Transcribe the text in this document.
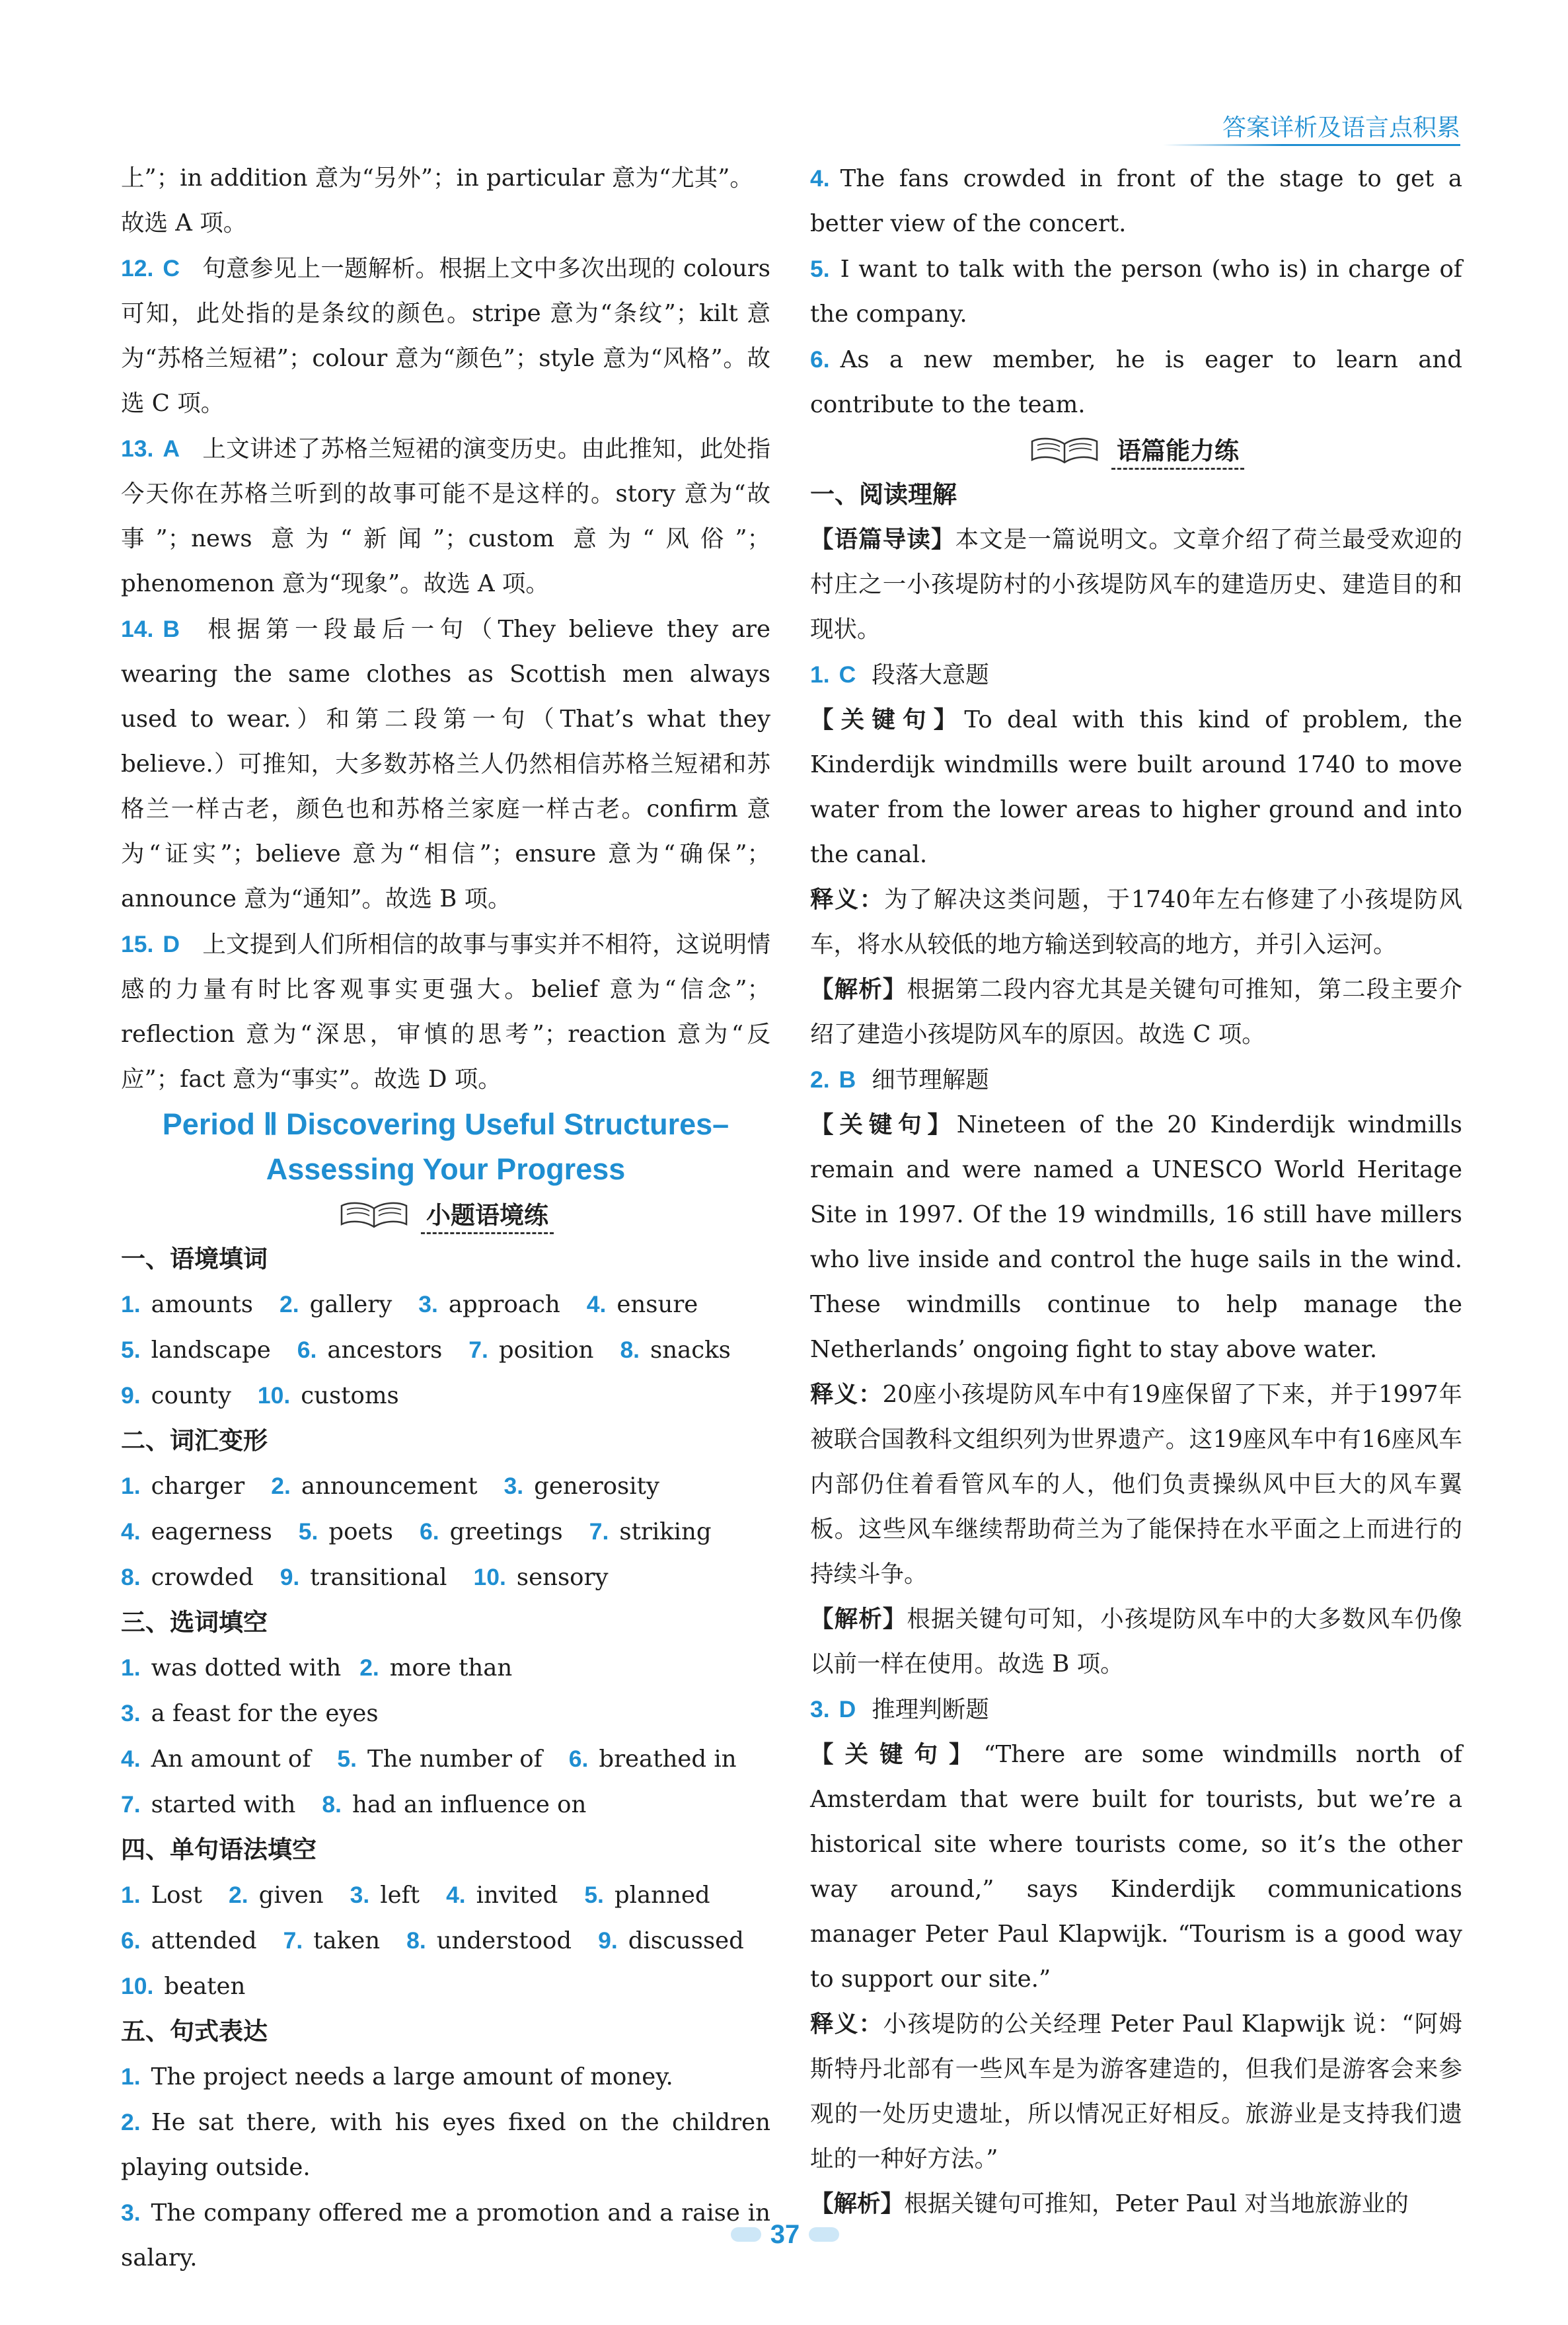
答案详析及语言点积累

上”；in addition 意为“另外”；in particular 意为“尤其”。

故选 A 项。

12. C 句意参见上一题解析。根据上文中多次出现的 colours 可知，此处指的是条纹的颜色。stripe 意为“条纹”；kilt 意为“苏格兰短裙”；colour 意为“颜色”；style 意为“风格”。故选 C 项。

13. A 上文讲述了苏格兰短裙的演变历史。由此推知，此处指今天你在苏格兰听到的故事可能不是这样的。story 意为“故事”；news 意为“新闻”；custom 意为“风俗”；phenomenon 意为“现象”。故选 A 项。

14. B 根据第一段最后一句（They believe they are wearing the same clothes as Scottish men always used to wear.）和第二段第一句（That’s what they believe.）可推知，大多数苏格兰人仍然相信苏格兰短裙和苏格兰一样古老，颜色也和苏格兰家庭一样古老。confirm 意为“证实”；believe 意为“相信”；ensure 意为“确保”；announce 意为“通知”。故选 B 项。

15. D 上文提到人们所相信的故事与事实并不相符，这说明情感的力量有时比客观事实更强大。belief 意为“信念”；reflection 意为“深思，审慎的思考”；reaction 意为“反应”；fact 意为“事实”。故选 D 项。

Period Ⅱ Discovering Useful Structures–

Assessing Your Progress

小题语境练

一、语境填词

1. amounts 2. gallery 3. approach 4. ensure
5. landscape 6. ancestors 7. position 8. snacks
9. county 10. customs

二、词汇变形

1. charger 2. announcement 3. generosity
4. eagerness 5. poets 6. greetings 7. striking
8. crowded 9. transitional 10. sensory

三、选词填空

1. was dotted with 2. more than
3. a feast for the eyes
4. An amount of 5. The number of 6. breathed in
7. started with 8. had an influence on

四、单句语法填空

1. Lost 2. given 3. left 4. invited 5. planned
6. attended 7. taken 8. understood 9. discussed
10. beaten

五、句式表达

1. The project needs a large amount of money.

2. He sat there, with his eyes fixed on the children playing outside.

3. The company offered me a promotion and a raise in salary.

4. The fans crowded in front of the stage to get a better view of the concert.

5. I want to talk with the person (who is) in charge of the company.

6. As a new member, he is eager to learn and contribute to the team.

语篇能力练

一、阅读理解

【语篇导读】本文是一篇说明文。文章介绍了荷兰最受欢迎的村庄之一小孩堤防村的小孩堤防风车的建造历史、建造目的和现状。

1. C 段落大意题

【关键句】To deal with this kind of problem, the Kinderdijk windmills were built around 1740 to move water from the lower areas to higher ground and into the canal.

释义：为了解决这类问题，于1740年左右修建了小孩堤防风车，将水从较低的地方输送到较高的地方，并引入运河。

【解析】根据第二段内容尤其是关键句可推知，第二段主要介绍了建造小孩堤防风车的原因。故选 C 项。

2. B 细节理解题

【关键句】Nineteen of the 20 Kinderdijk windmills remain and were named a UNESCO World Heritage Site in 1997. Of the 19 windmills, 16 still have millers who live inside and control the huge sails in the wind. These windmills continue to help manage the Netherlands’ ongoing fight to stay above water.

释义：20座小孩堤防风车中有19座保留了下来，并于1997年被联合国教科文组织列为世界遗产。这19座风车中有16座风车内部仍住着看管风车的人，他们负责操纵风中巨大的风车翼板。这些风车继续帮助荷兰为了能保持在水平面之上而进行的持续斗争。

【解析】根据关键句可知，小孩堤防风车中的大多数风车仍像以前一样在使用。故选 B 项。

3. D 推理判断题

【关键句】“There are some windmills north of Amsterdam that were built for tourists, but we’re a historical site where tourists come, so it’s the other way around,” says Kinderdijk communications manager Peter Paul Klapwijk. “Tourism is a good way to support our site.”

释义：小孩堤防的公关经理 Peter Paul Klapwijk 说：“阿姆斯特丹北部有一些风车是为游客建造的，但我们是游客会来参观的一处历史遗址，所以情况正好相反。旅游业是支持我们遗址的一种好方法。”

【解析】根据关键句可推知，Peter Paul 对当地旅游业的

37
